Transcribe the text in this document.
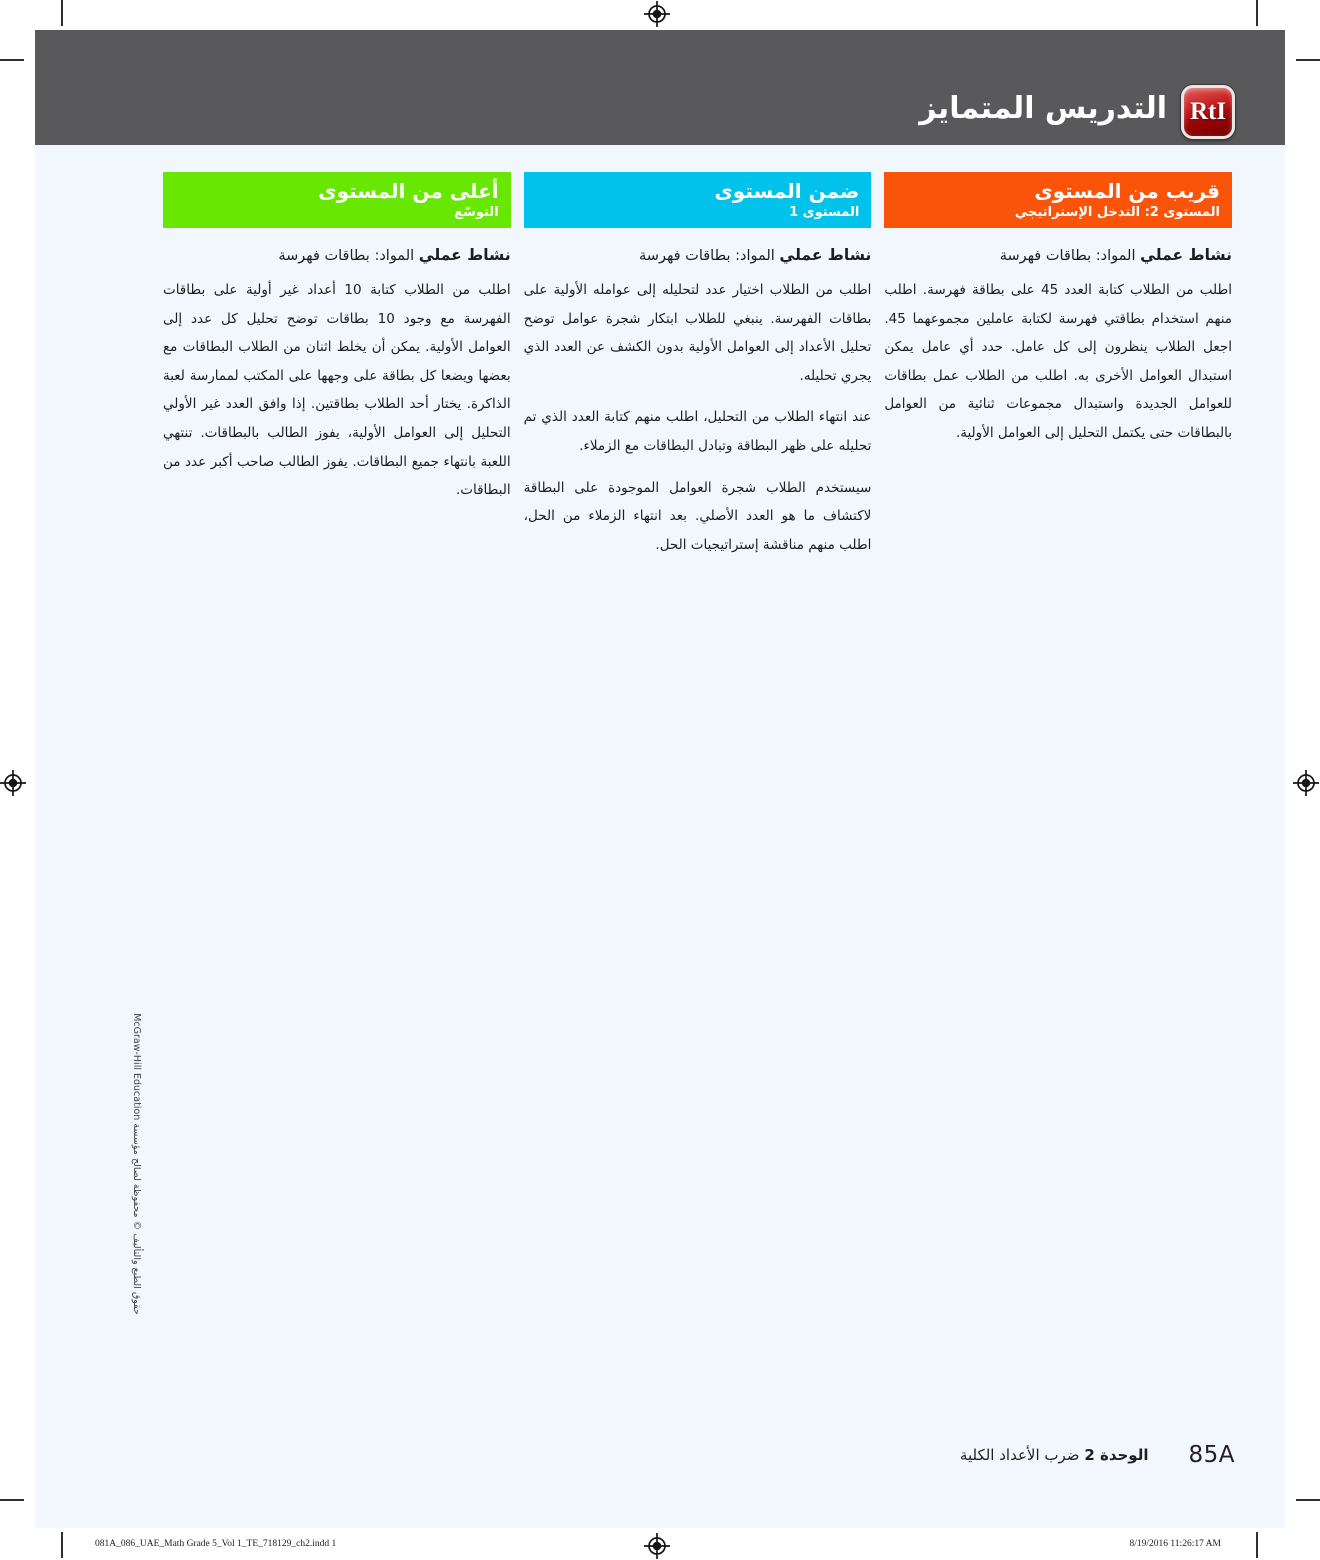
RtI
التدريس المتمايز
قريب من المستوى
المستوى 2: التدخل الإستراتيجي

نشاط عملي المواد: بطاقات فهرسة

اطلب من الطلاب كتابة العدد 45 على بطاقة فهرسة. اطلب منهم استخدام بطاقتي فهرسة لكتابة عاملين مجموعهما 45. اجعل الطلاب ينظرون إلى كل عامل. حدد أي عامل يمكن استبدال العوامل الأخرى به. اطلب من الطلاب عمل بطاقات للعوامل الجديدة واستبدال مجموعات ثنائية من العوامل بالبطاقات حتى يكتمل التحليل إلى العوامل الأولية.

ضمن المستوى
المستوى 1

نشاط عملي المواد: بطاقات فهرسة

اطلب من الطلاب اختيار عدد لتحليله إلى عوامله الأولية على بطاقات الفهرسة. ينبغي للطلاب ابتكار شجرة عوامل توضح تحليل الأعداد إلى العوامل الأولية بدون الكشف عن العدد الذي يجري تحليله.

عند انتهاء الطلاب من التحليل، اطلب منهم كتابة العدد الذي تم تحليله على ظهر البطاقة وتبادل البطاقات مع الزملاء.

سيستخدم الطلاب شجرة العوامل الموجودة على البطاقة لاكتشاف ما هو العدد الأصلي. بعد انتهاء الزملاء من الحل، اطلب منهم مناقشة إستراتيجيات الحل.

أعلى من المستوى
التوسّع

نشاط عملي المواد: بطاقات فهرسة

اطلب من الطلاب كتابة 10 أعداد غير أولية على بطاقات الفهرسة مع وجود 10 بطاقات توضح تحليل كل عدد إلى العوامل الأولية. يمكن أن يخلط اثنان من الطلاب البطاقات مع بعضها ويضعا كل بطاقة على وجهها على المكتب لممارسة لعبة الذاكرة. يختار أحد الطلاب بطاقتين. إذا وافق العدد غير الأولي التحليل إلى العوامل الأولية، يفوز الطالب بالبطاقات. تنتهي اللعبة بانتهاء جميع البطاقات. يفوز الطالب صاحب أكبر عدد من البطاقات.

حقوق الطبع والتأليف © محفوظة لصالح مؤسسة McGraw-Hill Education
85A
الوحدة 2 ضرب الأعداد الكلية
081A_086_UAE_Math Grade 5_Vol 1_TE_718129_ch2.indd 1	8/19/2016 11:26:17 AM
